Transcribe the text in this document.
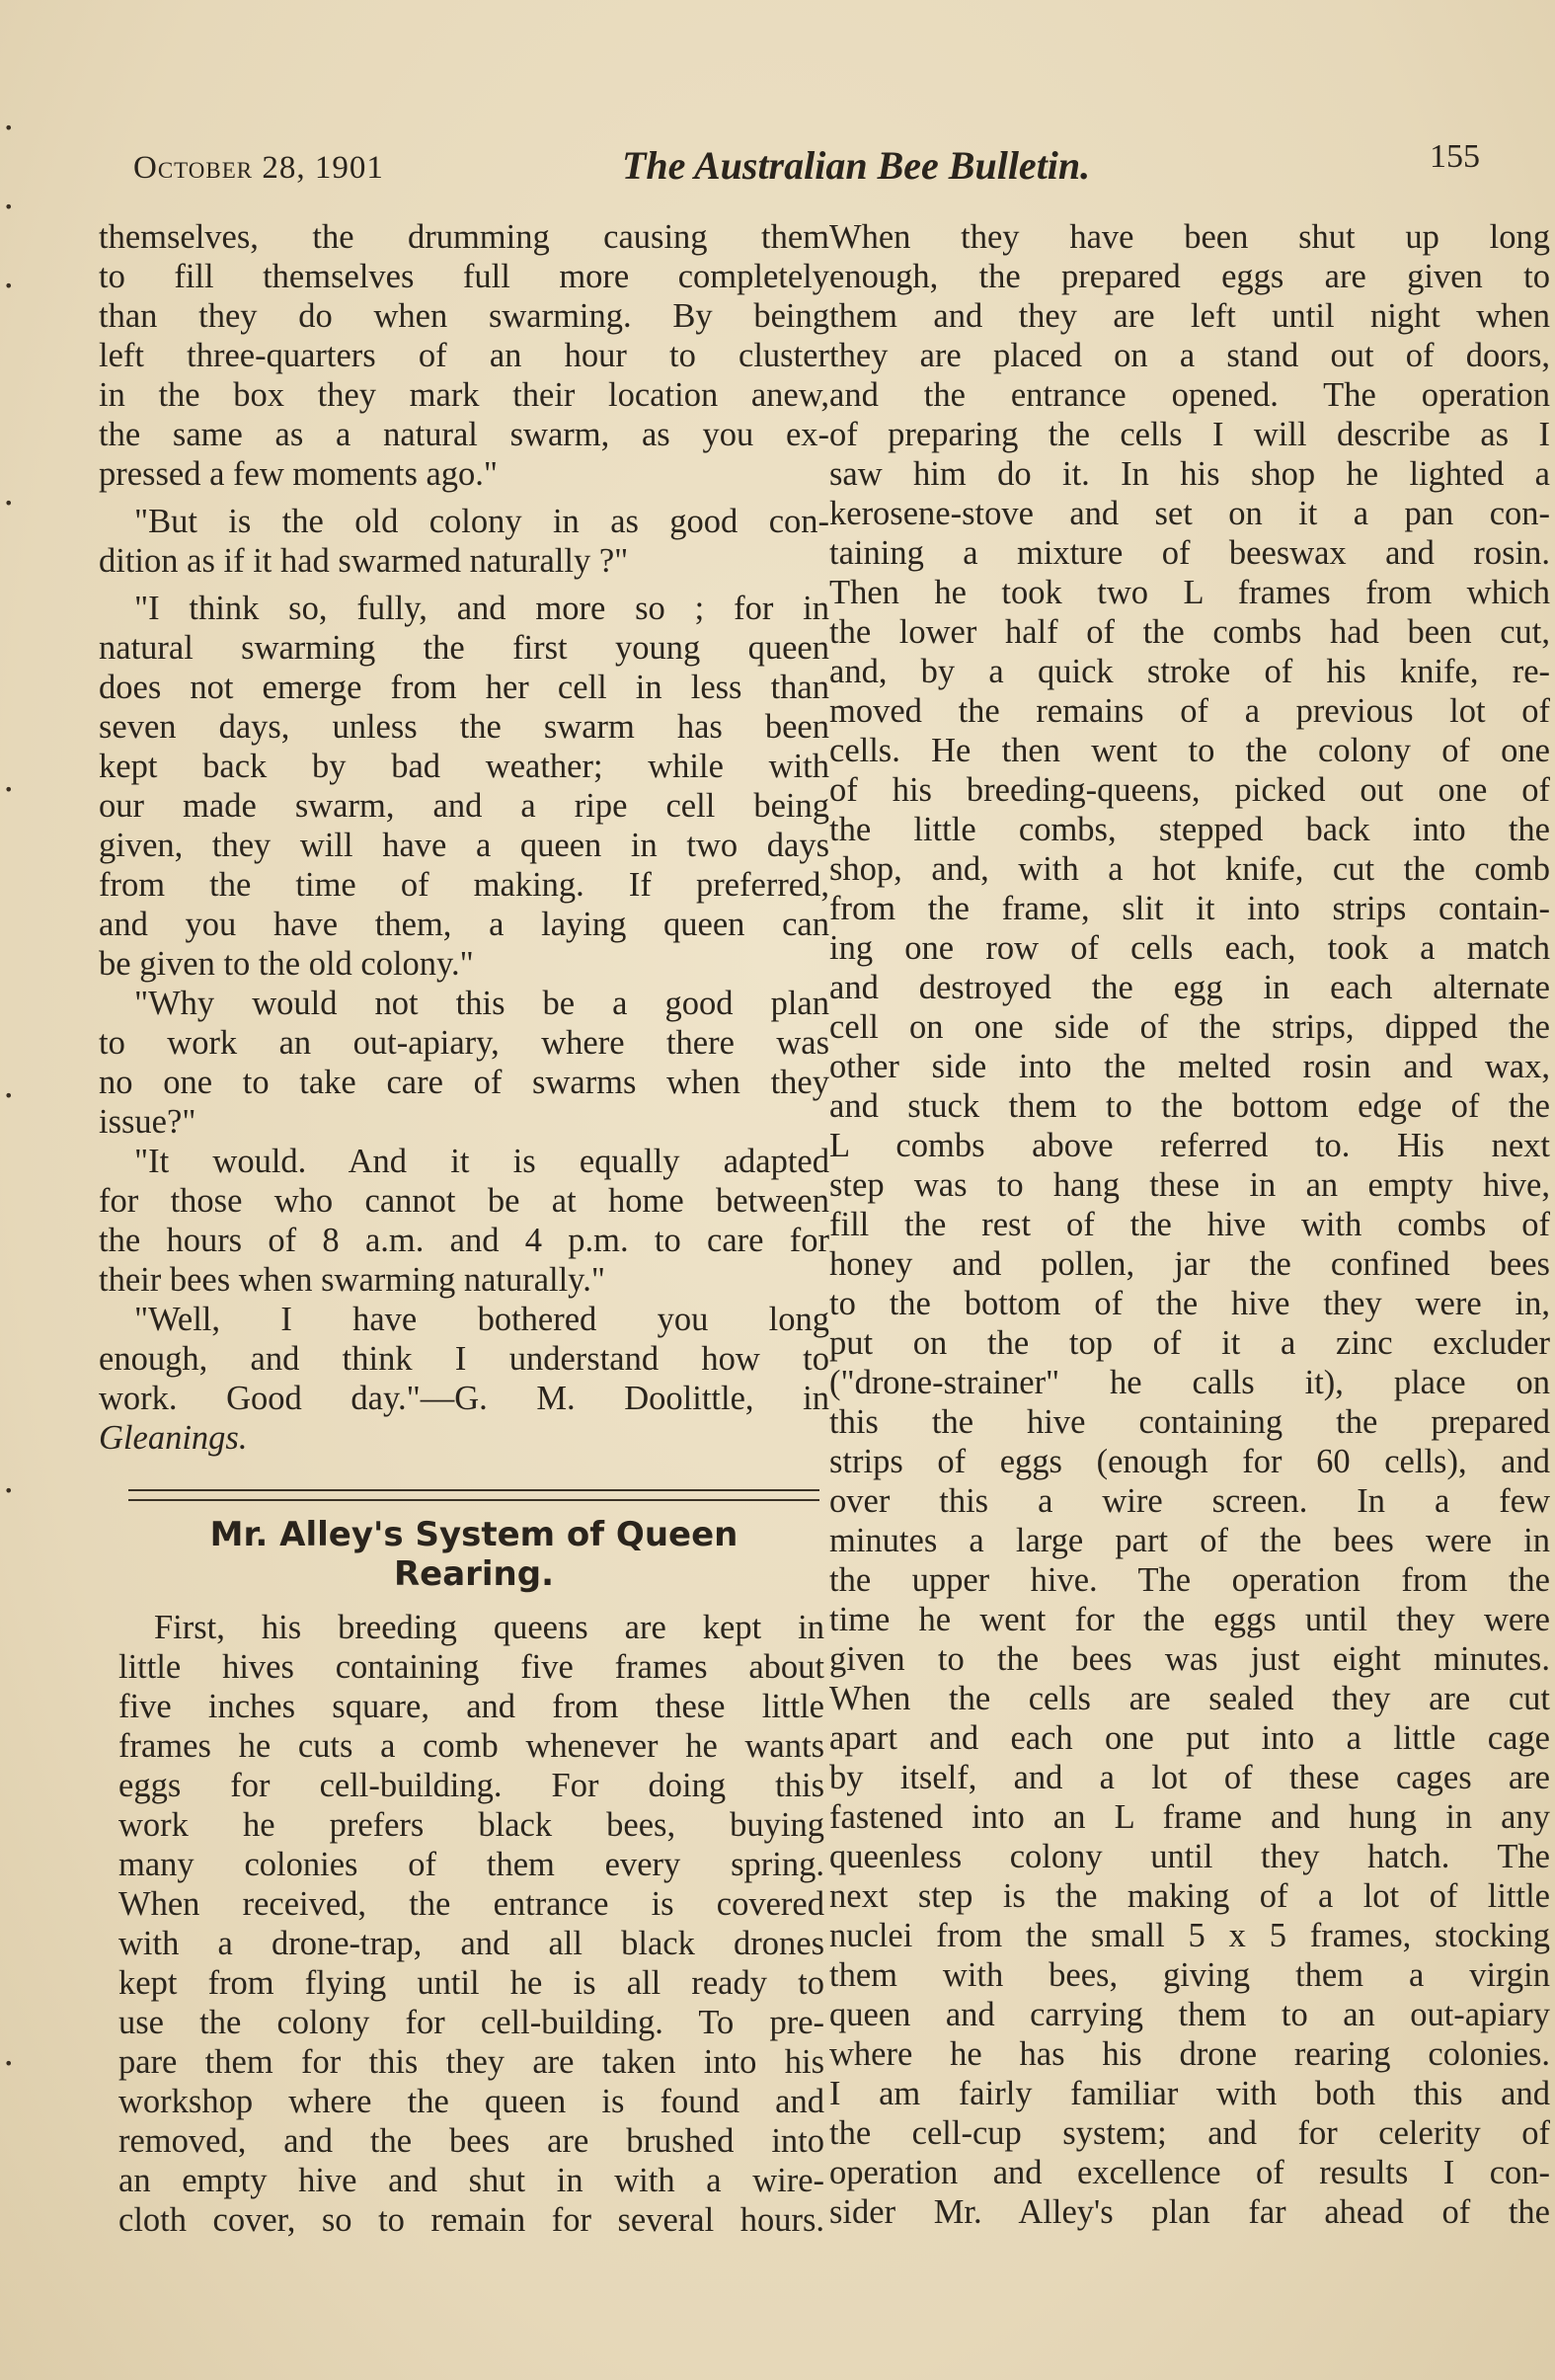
October 28, 1901	The Australian Bee Bulletin.	155
themselves, the drumming causing them
to fill themselves full more completely
than they do when swarming. By being
left three-quarters of an hour to cluster
in the box they mark their location anew,
the same as a natural swarm, as you ex-
pressed a few moments ago."
"But is the old colony in as good con-
dition as if it had swarmed naturally ?"
"I think so, fully, and more so ; for in
natural swarming the first young queen
does not emerge from her cell in less than
seven days, unless the swarm has been
kept back by bad weather; while with
our made swarm, and a ripe cell being
given, they will have a queen in two days
from the time of making. If preferred,
and you have them, a laying queen can
be given to the old colony."
"Why would not this be a good plan
to work an out-apiary, where there was
no one to take care of swarms when they
issue?"
"It would. And it is equally adapted
for those who cannot be at home between
the hours of 8 a.m. and 4 p.m. to care for
their bees when swarming naturally."
"Well, I have bothered you long
enough, and think I understand how to
work. Good day."—G. M. Doolittle, in
Gleanings.
Mr. Alley's System of Queen
Rearing.
First, his breeding queens are kept in
little hives containing five frames about
five inches square, and from these little
frames he cuts a comb whenever he wants
eggs for cell-building. For doing this
work he prefers black bees, buying
many colonies of them every spring.
When received, the entrance is covered
with a drone-trap, and all black drones
kept from flying until he is all ready to
use the colony for cell-building. To pre-
pare them for this they are taken into his
workshop where the queen is found and
removed, and the bees are brushed into
an empty hive and shut in with a wire-
cloth cover, so to remain for several hours.
When they have been shut up long
enough, the prepared eggs are given to
them and they are left until night when
they are placed on a stand out of doors,
and the entrance opened. The operation
of preparing the cells I will describe as I
saw him do it. In his shop he lighted a
kerosene-stove and set on it a pan con-
taining a mixture of beeswax and rosin.
Then he took two L frames from which
the lower half of the combs had been cut,
and, by a quick stroke of his knife, re-
moved the remains of a previous lot of
cells. He then went to the colony of one
of his breeding-queens, picked out one of
the little combs, stepped back into the
shop, and, with a hot knife, cut the comb
from the frame, slit it into strips contain-
ing one row of cells each, took a match
and destroyed the egg in each alternate
cell on one side of the strips, dipped the
other side into the melted rosin and wax,
and stuck them to the bottom edge of the
L combs above referred to. His next
step was to hang these in an empty hive,
fill the rest of the hive with combs of
honey and pollen, jar the confined bees
to the bottom of the hive they were in,
put on the top of it a zinc excluder
("drone-strainer" he calls it), place on
this the hive containing the prepared
strips of eggs (enough for 60 cells), and
over this a wire screen. In a few
minutes a large part of the bees were in
the upper hive. The operation from the
time he went for the eggs until they were
given to the bees was just eight minutes.
When the cells are sealed they are cut
apart and each one put into a little cage
by itself, and a lot of these cages are
fastened into an L frame and hung in any
queenless colony until they hatch. The
next step is the making of a lot of little
nuclei from the small 5 x 5 frames, stocking
them with bees, giving them a virgin
queen and carrying them to an out-apiary
where he has his drone rearing colonies.
I am fairly familiar with both this and
the cell-cup system; and for celerity of
operation and excellence of results I con-
sider Mr. Alley's plan far ahead of the
•
•
•
•
•
•
•
•
